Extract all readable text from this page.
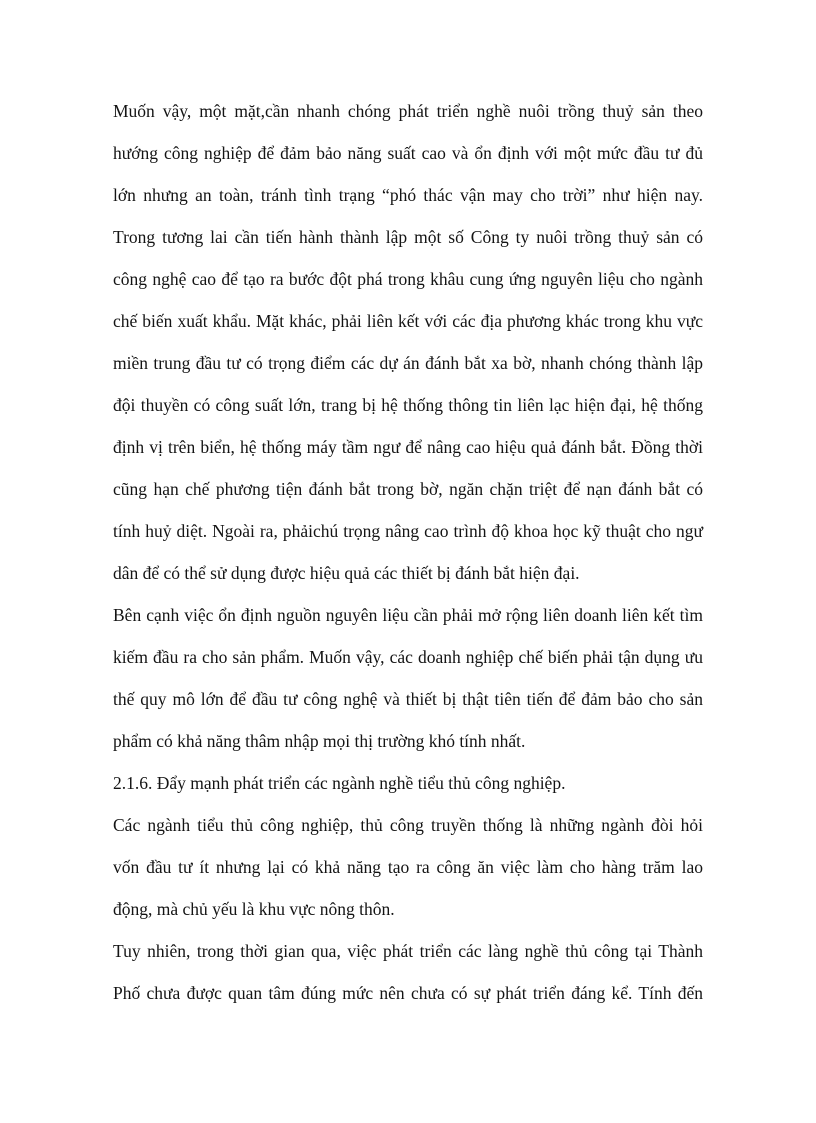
Muốn vậy, một mặt,cần nhanh chóng phát triển nghề nuôi trồng thuỷ sản theo
hướng công nghiệp để đảm bảo năng suất cao và ổn định với một mức đầu tư đủ
lớn nhưng an toàn, tránh tình trạng “phó thác vận may cho trời” như hiện nay.
Trong tương lai cần tiến hành thành lập một số Công ty nuôi trồng thuỷ sản có
công nghệ cao để tạo ra bước đột phá trong khâu cung ứng nguyên liệu cho ngành
chế biến xuất khẩu. Mặt khác, phải liên kết với các địa phương khác trong khu vực
miền trung đầu tư có trọng điểm các dự án đánh bắt xa bờ, nhanh chóng thành lập
đội thuyền có công suất lớn, trang bị hệ thống thông tin liên lạc hiện đại, hệ thống
định vị trên biển, hệ thống máy tầm ngư để nâng cao hiệu quả đánh bắt. Đồng thời
cũng hạn chế phương tiện đánh bắt trong bờ, ngăn chặn triệt để nạn đánh bắt có
tính huỷ diệt. Ngoài ra, phảichú trọng nâng cao trình độ khoa học kỹ thuật cho ngư
dân để có thể sử dụng được hiệu quả các thiết bị đánh bắt hiện đại.
Bên cạnh việc ổn định nguồn nguyên liệu cần phải mở rộng liên doanh liên kết tìm
kiếm đầu ra cho sản phẩm. Muốn vậy, các doanh nghiệp chế biến phải tận dụng ưu
thế quy mô lớn để đầu tư công nghệ và thiết bị thật tiên tiến để đảm bảo cho sản
phẩm có khả năng thâm nhập mọi thị trường khó tính nhất.
2.1.6. Đẩy mạnh phát triển các ngành nghề tiểu thủ công nghiệp.
Các ngành tiểu thủ công nghiệp, thủ công truyền thống là những ngành đòi hỏi
vốn đầu tư ít nhưng lại có khả năng tạo ra công ăn việc làm cho hàng trăm lao
động, mà chủ yếu là khu vực nông thôn.
Tuy nhiên, trong thời gian qua, việc phát triển các làng nghề thủ công tại Thành
Phố chưa được quan tâm đúng mức nên chưa có sự phát triển đáng kể. Tính đến
